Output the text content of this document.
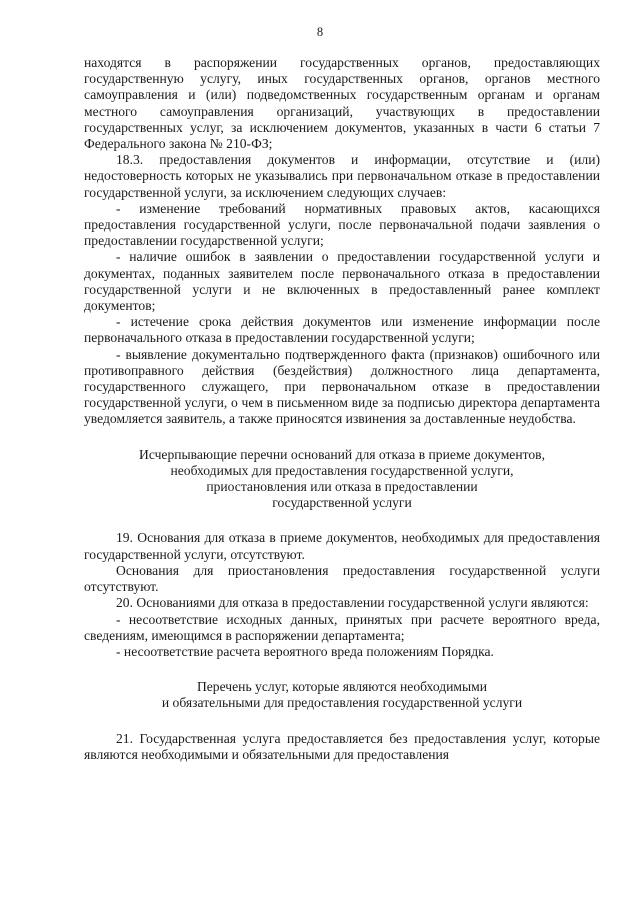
8

находятся в распоряжении государственных органов, предоставляющих государственную услугу, иных государственных органов, органов местного самоуправления и (или) подведомственных государственным органам и органам местного самоуправления организаций, участвующих в предоставлении государственных услуг, за исключением документов, указанных в части 6 статьи 7 Федерального закона № 210-ФЗ;

18.3. предоставления документов и информации, отсутствие и (или) недостоверность которых не указывались при первоначальном отказе в предоставлении государственной услуги, за исключением следующих случаев:

- изменение требований нормативных правовых актов, касающихся предоставления государственной услуги, после первоначальной подачи заявления о предоставлении государственной услуги;

- наличие ошибок в заявлении о предоставлении государственной услуги и документах, поданных заявителем после первоначального отказа в предоставлении государственной услуги и не включенных в предоставленный ранее комплект документов;

- истечение срока действия документов или изменение информации после первоначального отказа в предоставлении государственной услуги;

- выявление документально подтвержденного факта (признаков) ошибочного или противоправного действия (бездействия) должностного лица департамента, государственного служащего, при первоначальном отказе в предоставлении государственной услуги, о чем в письменном виде за подписью директора департамента уведомляется заявитель, а также приносятся извинения за доставленные неудобства.

Исчерпывающие перечни оснований для отказа в приеме документов,

необходимых для предоставления государственной услуги,

приостановления или отказа в предоставлении

государственной услуги

19. Основания для отказа в приеме документов, необходимых для предоставления государственной услуги, отсутствуют.

Основания для приостановления предоставления государственной услуги отсутствуют.

20. Основаниями для отказа в предоставлении государственной услуги являются:

- несоответствие исходных данных, принятых при расчете вероятного вреда, сведениям, имеющимся в распоряжении департамента;

- несоответствие расчета вероятного вреда положениям Порядка.

Перечень услуг, которые являются необходимыми

и обязательными для предоставления государственной услуги

21. Государственная услуга предоставляется без предоставления услуг, которые являются необходимыми и обязательными для предоставления
